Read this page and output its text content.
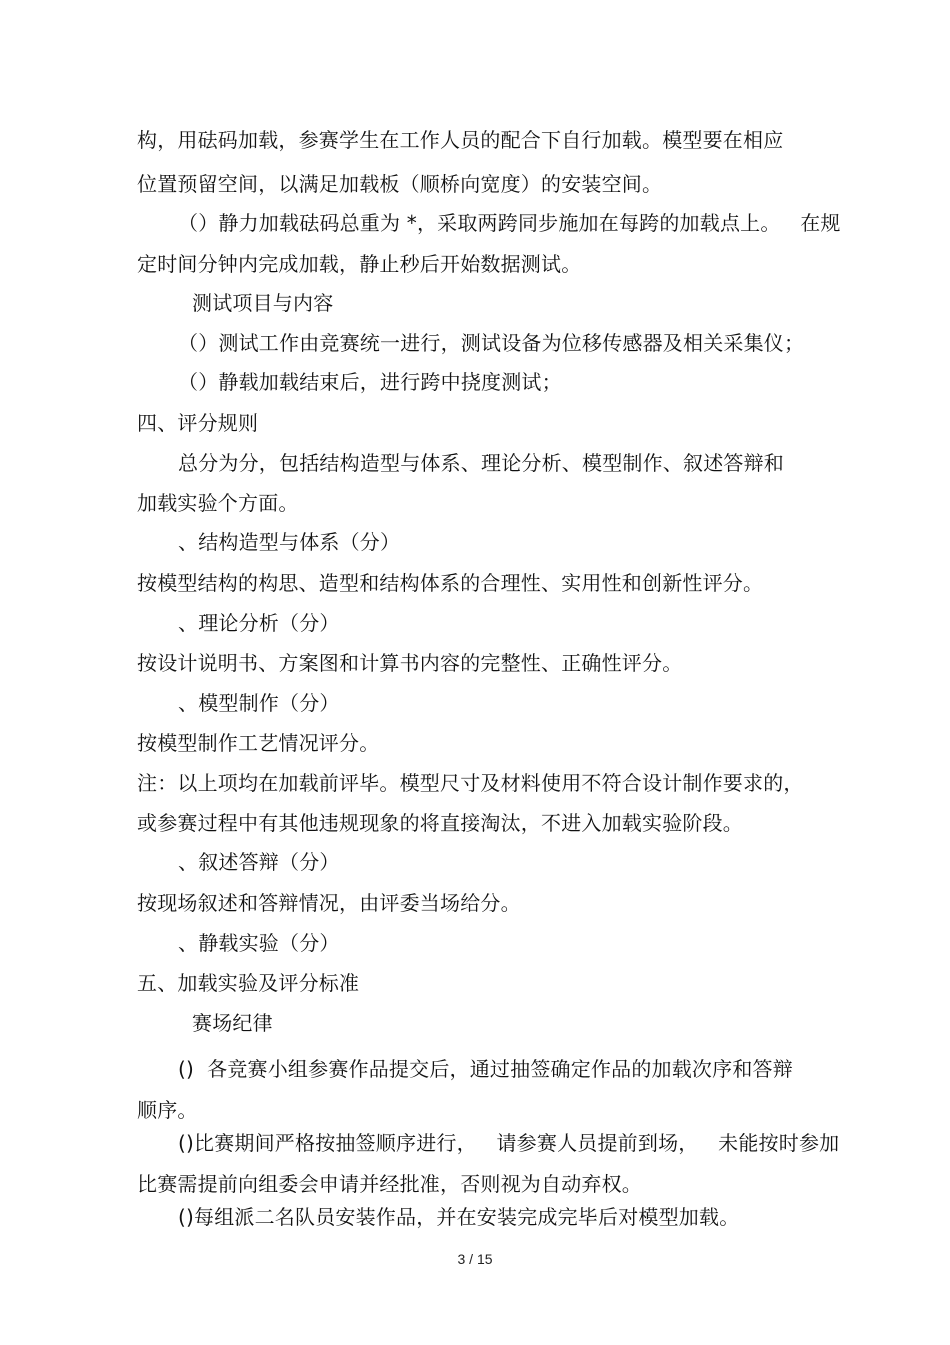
构，用砝码加载，参赛学生在工作人员的配合下自行加载。模型要在相应
位置预留空间，以满足加载板（顺桥向宽度）的安装空间。
（）静力加载砝码总重为 *，采取两跨同步施加在每跨的加载点上。   在规
定时间分钟内完成加载，静止秒后开始数据测试。
测试项目与内容
（）测试工作由竞赛统一进行，测试设备为位移传感器及相关采集仪；
（）静载加载结束后，进行跨中挠度测试；
四、评分规则
总分为分，包括结构造型与体系、理论分析、模型制作、叙述答辩和
加载实验个方面。
、结构造型与体系（分）
按模型结构的构思、造型和结构体系的合理性、实用性和创新性评分。
、理论分析（分）
按设计说明书、方案图和计算书内容的完整性、正确性评分。
、模型制作（分）
按模型制作工艺情况评分。
注：以上项均在加载前评毕。模型尺寸及材料使用不符合设计制作要求的，
或参赛过程中有其他违规现象的将直接淘汰，不进入加载实验阶段。
、叙述答辩（分）
按现场叙述和答辩情况，由评委当场给分。
、静载实验（分）
五、加载实验及评分标准
赛场纪律
()  各竞赛小组参赛作品提交后，通过抽签确定作品的加载次序和答辩
顺序。
()比赛期间严格按抽签顺序进行，   请参赛人员提前到场，   未能按时参加
比赛需提前向组委会申请并经批准，否则视为自动弃权。
()每组派二名队员安装作品，并在安装完成完毕后对模型加载。
3 / 15
